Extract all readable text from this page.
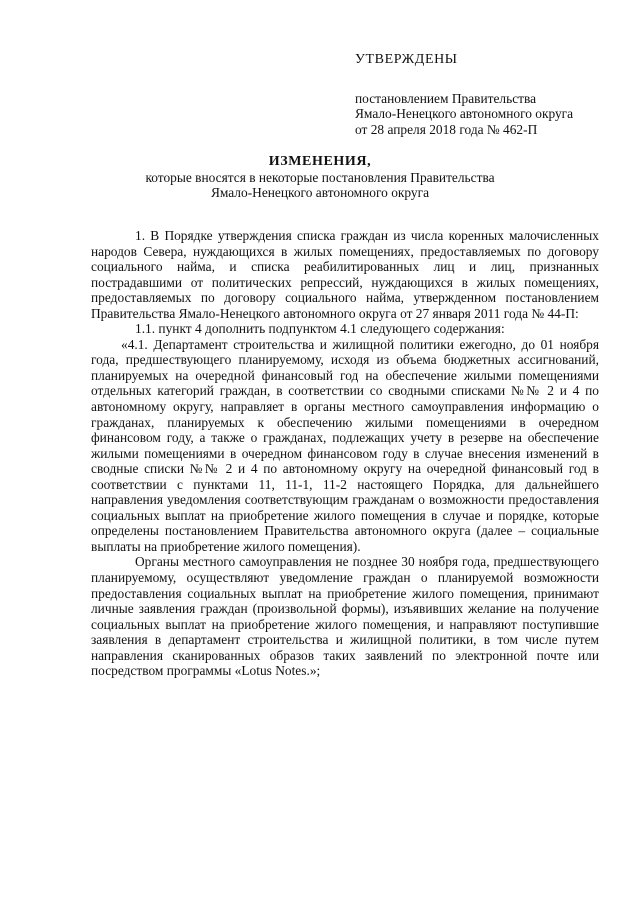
УТВЕРЖДЕНЫ
постановлением Правительства
Ямало-Ненецкого автономного округа
от 28 апреля 2018 года № 462-П
ИЗМЕНЕНИЯ,
которые вносятся в некоторые постановления Правительства
Ямало-Ненецкого автономного округа

1. В Порядке утверждения списка граждан из числа коренных малочисленных народов Севера, нуждающихся в жилых помещениях, предоставляемых по договору социального найма, и списка реабилитированных лиц и лиц, признанных пострадавшими от политических репрессий, нуждающихся в жилых помещениях, предоставляемых по договору социального найма, утвержденном постановлением Правительства Ямало-Ненецкого автономного округа от 27 января 2011 года № 44-П:

1.1. пункт 4 дополнить подпунктом 4.1 следующего содержания:

«4.1. Департамент строительства и жилищной политики ежегодно, до 01 ноября года, предшествующего планируемому, исходя из объема бюджетных ассигнований, планируемых на очередной финансовый год на обеспечение жилыми помещениями отдельных категорий граждан, в соответствии со сводными списками №№ 2 и 4 по автономному округу, направляет в органы местного самоуправления информацию о гражданах, планируемых к обеспечению жилыми помещениями в очередном финансовом году, а также о гражданах, подлежащих учету в резерве на обеспечение жилыми помещениями в очередном финансовом году в случае внесения изменений в сводные списки №№ 2 и 4 по автономному округу на очередной финансовый год в соответствии с пунктами 11, 11-1, 11-2 настоящего Порядка, для дальнейшего направления уведомления соответствующим гражданам о возможности предоставления социальных выплат на приобретение жилого помещения в случае и порядке, которые определены постановлением Правительства автономного округа (далее – социальные выплаты на приобретение жилого помещения).

Органы местного самоуправления не позднее 30 ноября года, предшествующего планируемому, осуществляют уведомление граждан о планируемой возможности предоставления социальных выплат на приобретение жилого помещения, принимают личные заявления граждан (произвольной формы), изъявивших желание на получение социальных выплат на приобретение жилого помещения, и направляют поступившие заявления в департамент строительства и жилищной политики, в том числе путем направления сканированных образов таких заявлений по электронной почте или посредством программы «Lotus Notes.»;
